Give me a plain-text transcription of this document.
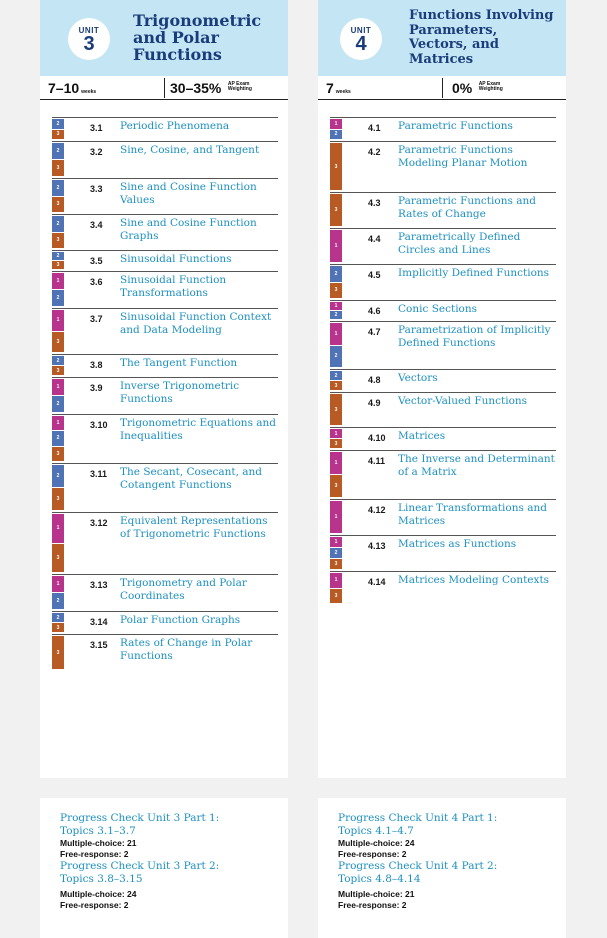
UNIT
3
Trigonometric
and Polar
Functions
7–10 weeks	30–35% AP Exam
Weighting
2
3
3.1 Periodic Phenomena
2
3
3.2 Sine, Cosine, and Tangent
2
3
3.3 Sine and Cosine Function Values
2
3
3.4 Sine and Cosine Function Graphs
2
3	3.5 Sinusoidal Functions
1
2
3.6 Sinusoidal Function Transformations
1
3
3.7 Sinusoidal Function Context and Data Modeling
2
3
3.8 The Tangent Function
1
2
3.9 Inverse Trigonometric Functions
1
2
3
3.10 Trigonometric Equations and Inequalities
2
3
3.11 The Secant, Cosecant, and Cotangent Functions
1
3
3.12 Equivalent Representations of Trigonometric Functions
1
2
3.13 Trigonometry and Polar Coordinates
2
3
3.14 Polar Function Graphs
3
3.15 Rates of Change in Polar Functions
UNIT
4
Functions Involving
Parameters,
Vectors, and
Matrices
7 weeks	0% AP Exam
Weighting
1
2
4.1 Parametric Functions
3
4.2 Parametric Functions Modeling Planar Motion
3
4.3 Parametric Functions and Rates of Change
1
4.4 Parametrically Defined Circles and Lines
2
3
4.5 Implicitly Defined Functions
1
2	4.6 Conic Sections
1
2
4.7 Parametrization of Implicitly Defined Functions
2
3
4.8 Vectors
3
4.9 Vector-Valued Functions
1
3
4.10 Matrices
1
3
4.11 The Inverse and Determinant of a Matrix
1
4.12 Linear Transformations and Matrices
1
2
3
4.13 Matrices as Functions
1
3
4.14 Matrices Modeling Contexts
Progress Check Unit 3 Part 1:
Topics 3.1–3.7
Multiple-choice: 21
Free-response: 2
Progress Check Unit 3 Part 2:
Topics 3.8–3.15
Multiple-choice: 24
Free-response: 2
Progress Check Unit 4 Part 1:
Topics 4.1–4.7
Multiple-choice: 24
Free-response: 2
Progress Check Unit 4 Part 2:
Topics 4.8–4.14
Multiple-choice: 21
Free-response: 2
